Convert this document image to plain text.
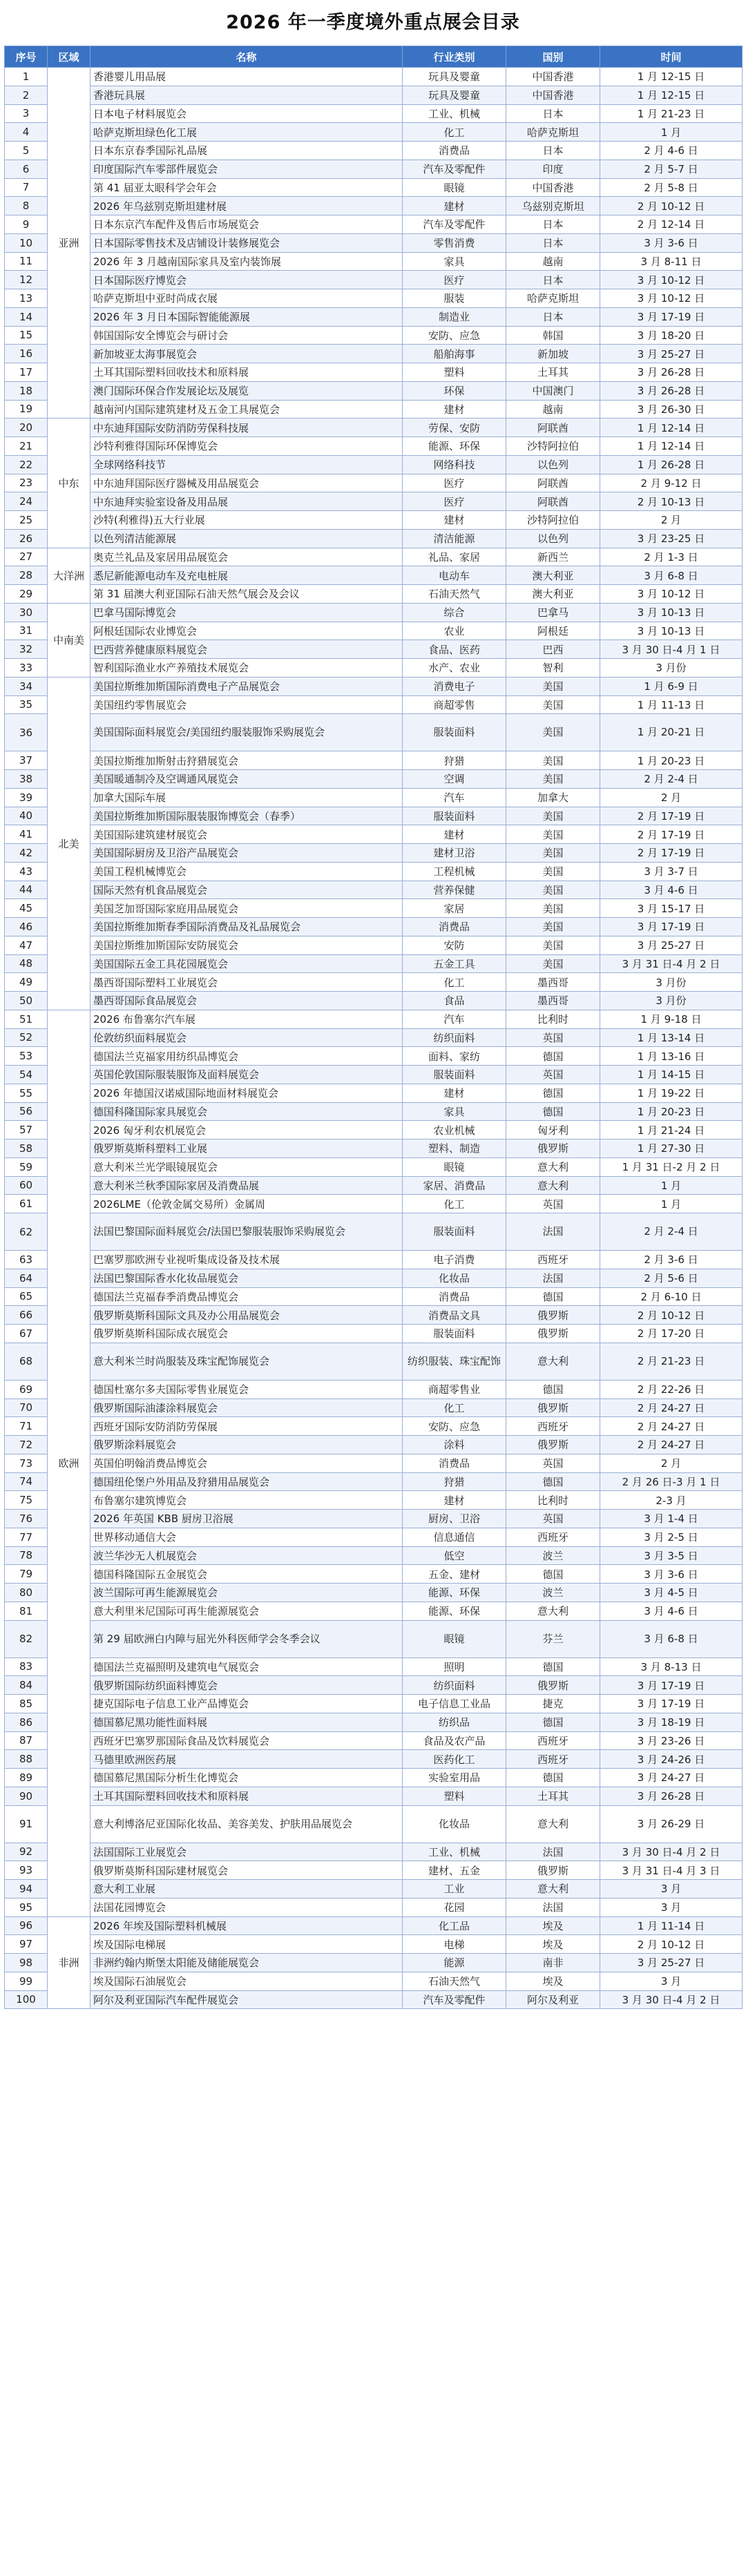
2026 年一季度境外重点展会目录
序号	区域	名称	行业类别	国别	时间
1	亚洲	香港婴儿用品展	玩具及婴童	中国香港	1 月 12-15 日
2		香港玩具展	玩具及婴童	中国香港	1 月 12-15 日
3		日本电子材料展览会	工业、机械	日本	1 月 21-23 日
4		哈萨克斯坦绿色化工展	化工	哈萨克斯坦	1 月
5		日本东京春季国际礼品展	消费品	日本	2 月 4-6 日
6		印度国际汽车零部件展览会	汽车及零配件	印度	2 月 5-7 日
7		第 41 届亚太眼科学会年会	眼镜	中国香港	2 月 5-8 日
8		2026 年乌兹别克斯坦建材展	建材	乌兹别克斯坦	2 月 10-12 日
9		日本东京汽车配件及售后市场展览会	汽车及零配件	日本	2 月 12-14 日
10		日本国际零售技术及店铺设计装修展览会	零售消费	日本	3 月 3-6 日
11		2026 年 3 月越南国际家具及室内装饰展	家具	越南	3 月 8-11 日
12		日本国际医疗博览会	医疗	日本	3 月 10-12 日
13		哈萨克斯坦中亚时尚成衣展	服装	哈萨克斯坦	3 月 10-12 日
14		2026 年 3 月日本国际智能能源展	制造业	日本	3 月 17-19 日
15		韩国国际安全博览会与研讨会	安防、应急	韩国	3 月 18-20 日
16		新加坡亚太海事展览会	船舶海事	新加坡	3 月 25-27 日
17		土耳其国际塑料回收技术和原料展	塑料	土耳其	3 月 26-28 日
18		澳门国际环保合作发展论坛及展览	环保	中国澳门	3 月 26-28 日
19		越南河内国际建筑建材及五金工具展览会	建材	越南	3 月 26-30 日
20	中东	中东迪拜国际安防消防劳保科技展	劳保、安防	阿联酋	1 月 12-14 日
21		沙特利雅得国际环保博览会	能源、环保	沙特阿拉伯	1 月 12-14 日
22		全球网络科技节	网络科技	以色列	1 月 26-28 日
23		中东迪拜国际医疗器械及用品展览会	医疗	阿联酋	2 月 9-12 日
24		中东迪拜实验室设备及用品展	医疗	阿联酋	2 月 10-13 日
25		沙特(利雅得)五大行业展	建材	沙特阿拉伯	2 月
26		以色列清洁能源展	清洁能源	以色列	3 月 23-25 日
27	大洋洲	奥克兰礼品及家居用品展览会	礼品、家居	新西兰	2 月 1-3 日
28		悉尼新能源电动车及充电桩展	电动车	澳大利亚	3 月 6-8 日
29		第 31 届澳大利亚国际石油天然气展会及会议	石油天然气	澳大利亚	3 月 10-12 日
30	中南美	巴拿马国际博览会	综合	巴拿马	3 月 10-13 日
31		阿根廷国际农业博览会	农业	阿根廷	3 月 10-13 日
32		巴西营养健康原料展览会	食品、医药	巴西	3 月 30 日-4 月 1 日
33		智利国际渔业水产养殖技术展览会	水产、农业	智利	3 月份
34	北美	美国拉斯维加斯国际消费电子产品展览会	消费电子	美国	1 月 6-9 日
35		美国纽约零售展览会	商超零售	美国	1 月 11-13 日
36		美国国际面料展览会/美国纽约服装服饰采购展览会	服装面料	美国	1 月 20-21 日
37		美国拉斯维加斯射击狩猎展览会	狩猎	美国	1 月 20-23 日
38		美国暖通制冷及空调通风展览会	空调	美国	2 月 2-4 日
39		加拿大国际车展	汽车	加拿大	2 月
40		美国拉斯维加斯国际服装服饰博览会（春季）	服装面料	美国	2 月 17-19 日
41		美国国际建筑建材展览会	建材	美国	2 月 17-19 日
42		美国国际厨房及卫浴产品展览会	建材卫浴	美国	2 月 17-19 日
43		美国工程机械博览会	工程机械	美国	3 月 3-7 日
44		国际天然有机食品展览会	营养保健	美国	3 月 4-6 日
45		美国芝加哥国际家庭用品展览会	家居	美国	3 月 15-17 日
46		美国拉斯维加斯春季国际消费品及礼品展览会	消费品	美国	3 月 17-19 日
47		美国拉斯维加斯国际安防展览会	安防	美国	3 月 25-27 日
48		美国国际五金工具花园展览会	五金工具	美国	3 月 31 日-4 月 2 日
49		墨西哥国际塑料工业展览会	化工	墨西哥	3 月份
50		墨西哥国际食品展览会	食品	墨西哥	3 月份
51	欧洲	2026 布鲁塞尔汽车展	汽车	比利时	1 月 9-18 日
52		伦敦纺织面料展览会	纺织面料	英国	1 月 13-14 日
53		德国法兰克福家用纺织品博览会	面料、家纺	德国	1 月 13-16 日
54		英国伦敦国际服装服饰及面料展览会	服装面料	英国	1 月 14-15 日
55		2026 年德国汉诺威国际地面材料展览会	建材	德国	1 月 19-22 日
56		德国科隆国际家具展览会	家具	德国	1 月 20-23 日
57		2026 匈牙利农机展览会	农业机械	匈牙利	1 月 21-24 日
58		俄罗斯莫斯科塑料工业展	塑料、制造	俄罗斯	1 月 27-30 日
59		意大利米兰光学眼镜展览会	眼镜	意大利	1 月 31 日-2 月 2 日
60		意大利米兰秋季国际家居及消费品展	家居、消费品	意大利	1 月
61		2026LME（伦敦金属交易所）金属周	化工	英国	1 月
62		法国巴黎国际面料展览会/法国巴黎服装服饰采购展览会	服装面料	法国	2 月 2-4 日
63		巴塞罗那欧洲专业视听集成设备及技术展	电子消费	西班牙	2 月 3-6 日
64		法国巴黎国际香水化妆品展览会	化妆品	法国	2 月 5-6 日
65		德国法兰克福春季消费品博览会	消费品	德国	2 月 6-10 日
66		俄罗斯莫斯科国际文具及办公用品展览会	消费品文具	俄罗斯	2 月 10-12 日
67		俄罗斯莫斯科国际成衣展览会	服装面料	俄罗斯	2 月 17-20 日
68		意大利米兰时尚服装及珠宝配饰展览会	纺织服装、珠宝配饰	意大利	2 月 21-23 日
69		德国杜塞尔多夫国际零售业展览会	商超零售业	德国	2 月 22-26 日
70		俄罗斯国际油漆涂料展览会	化工	俄罗斯	2 月 24-27 日
71		西班牙国际安防消防劳保展	安防、应急	西班牙	2 月 24-27 日
72		俄罗斯涂料展览会	涂料	俄罗斯	2 月 24-27 日
73		英国伯明翰消费品博览会	消费品	英国	2 月
74		德国纽伦堡户外用品及狩猎用品展览会	狩猎	德国	2 月 26 日-3 月 1 日
75		布鲁塞尔建筑博览会	建材	比利时	2-3 月
76		2026 年英国 KBB 厨房卫浴展	厨房、卫浴	英国	3 月 1-4 日
77		世界移动通信大会	信息通信	西班牙	3 月 2-5 日
78		波兰华沙无人机展览会	低空	波兰	3 月 3-5 日
79		德国科隆国际五金展览会	五金、建材	德国	3 月 3-6 日
80		波兰国际可再生能源展览会	能源、环保	波兰	3 月 4-5 日
81		意大利里米尼国际可再生能源展览会	能源、环保	意大利	3 月 4-6 日
82		第 29 届欧洲白内障与屈光外科医师学会冬季会议	眼镜	芬兰	3 月 6-8 日
83		德国法兰克福照明及建筑电气展览会	照明	德国	3 月 8-13 日
84		俄罗斯国际纺织面料博览会	纺织面料	俄罗斯	3 月 17-19 日
85		捷克国际电子信息工业产品博览会	电子信息工业品	捷克	3 月 17-19 日
86		德国慕尼黑功能性面料展	纺织品	德国	3 月 18-19 日
87		西班牙巴塞罗那国际食品及饮料展览会	食品及农产品	西班牙	3 月 23-26 日
88		马德里欧洲医药展	医药化工	西班牙	3 月 24-26 日
89		德国慕尼黑国际分析生化博览会	实验室用品	德国	3 月 24-27 日
90		土耳其国际塑料回收技术和原料展	塑料	土耳其	3 月 26-28 日
91		意大利博洛尼亚国际化妆品、美容美发、护肤用品展览会	化妆品	意大利	3 月 26-29 日
92		法国国际工业展览会	工业、机械	法国	3 月 30 日-4 月 2 日
93		俄罗斯莫斯科国际建材展览会	建材、五金	俄罗斯	3 月 31 日-4 月 3 日
94		意大利工业展	工业	意大利	3 月
95		法国花园博览会	花园	法国	3 月
96	非洲	2026 年埃及国际塑料机械展	化工品	埃及	1 月 11-14 日
97		埃及国际电梯展	电梯	埃及	2 月 10-12 日
98		非洲约翰内斯堡太阳能及储能展览会	能源	南非	3 月 25-27 日
99		埃及国际石油展览会	石油天然气	埃及	3 月
100		阿尔及利亚国际汽车配件展览会	汽车及零配件	阿尔及利亚	3 月 30 日-4 月 2 日
